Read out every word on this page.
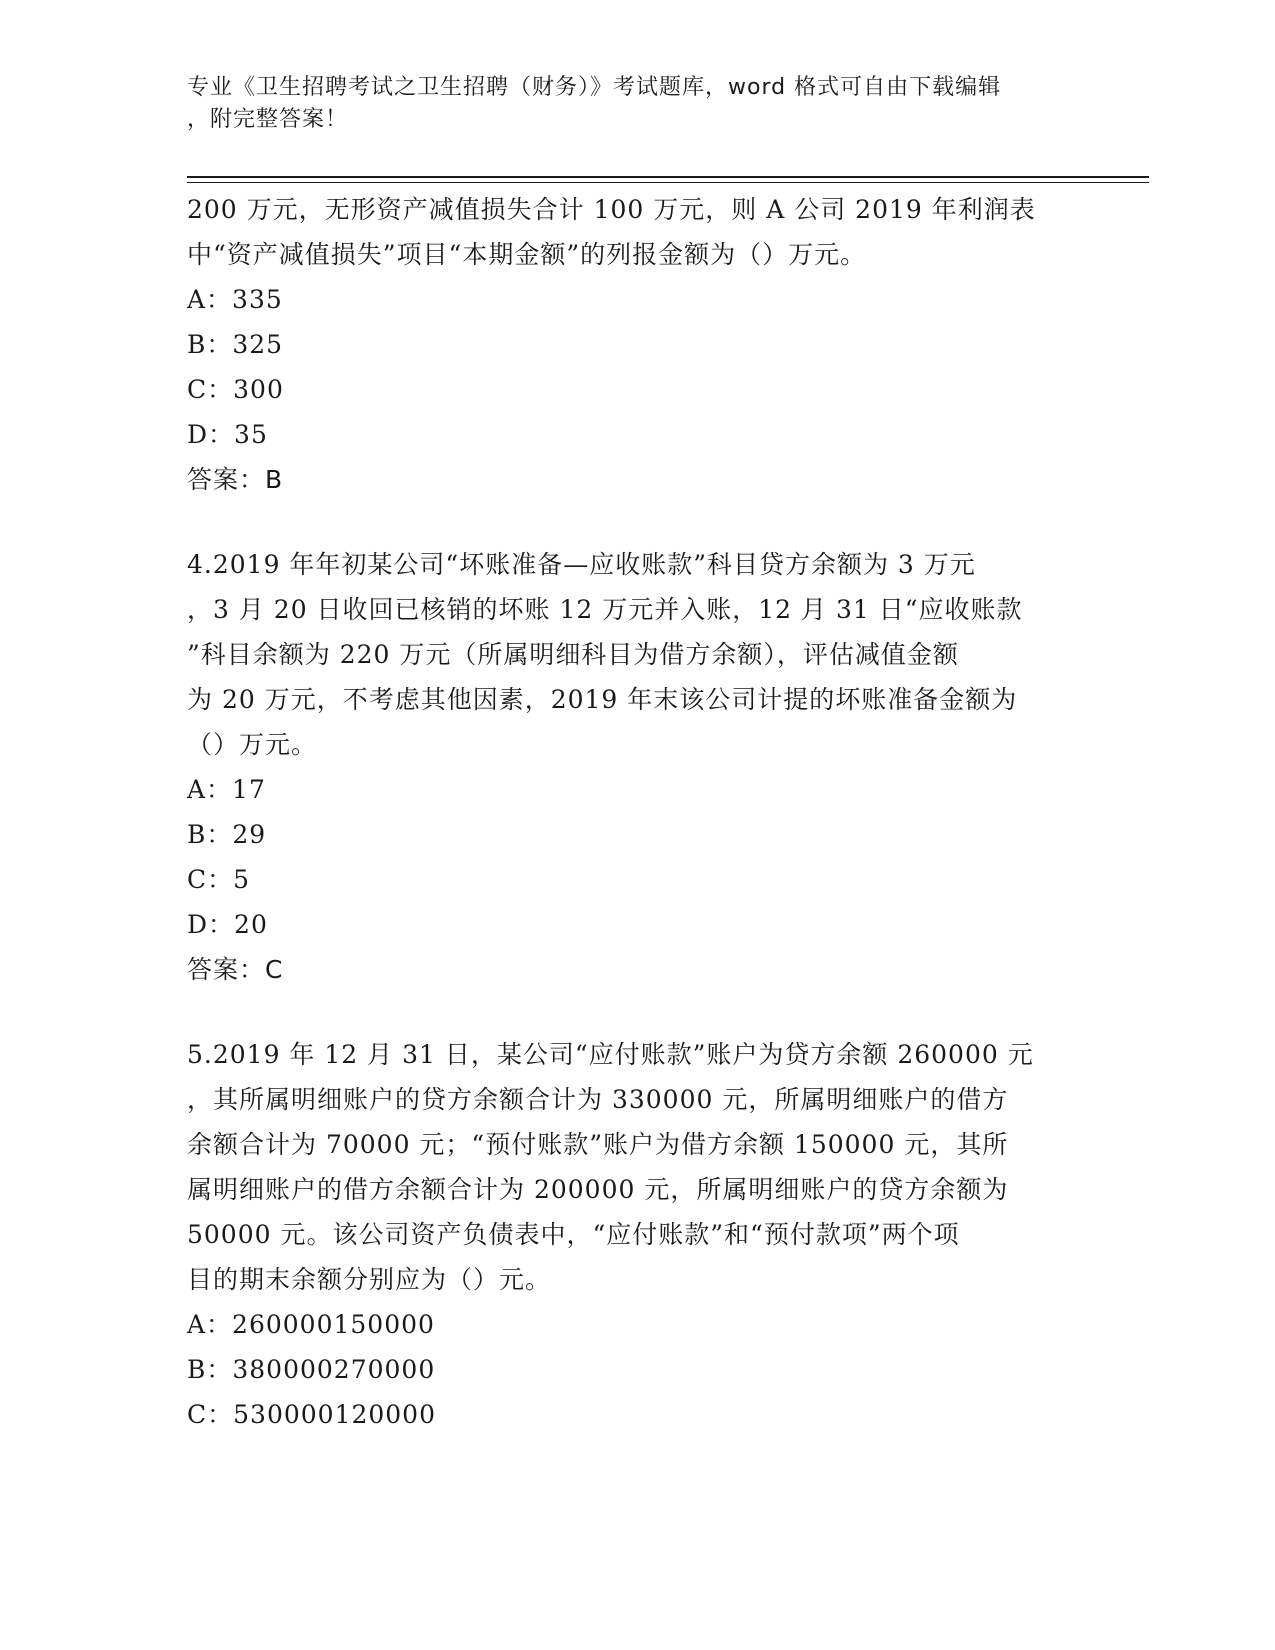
专业《卫生招聘考试之卫生招聘（财务）》考试题库，word 格式可自由下载编辑
，附完整答案！
200 万元，无形资产减值损失合计 100 万元，则 A 公司 2019 年利润表
中“资产减值损失”项目“本期金额”的列报金额为（）万元。
A：335
B：325
C：300
D：35
答案：B
4.2019 年年初某公司“坏账准备—应收账款”科目贷方余额为 3 万元
，3 月 20 日收回已核销的坏账 12 万元并入账，12 月 31 日“应收账款
”科目余额为 220 万元（所属明细科目为借方余额），评估减值金额
为 20 万元，不考虑其他因素，2019 年末该公司计提的坏账准备金额为
（）万元。
A：17
B：29
C：5
D：20
答案：C
5.2019 年 12 月 31 日，某公司“应付账款”账户为贷方余额 260000 元
，其所属明细账户的贷方余额合计为 330000 元，所属明细账户的借方
余额合计为 70000 元；“预付账款”账户为借方余额 150000 元，其所
属明细账户的借方余额合计为 200000 元，所属明细账户的贷方余额为
50000 元。该公司资产负债表中，“应付账款”和“预付款项”两个项
目的期末余额分别应为（）元。
A：260000150000
B：380000270000
C：530000120000
